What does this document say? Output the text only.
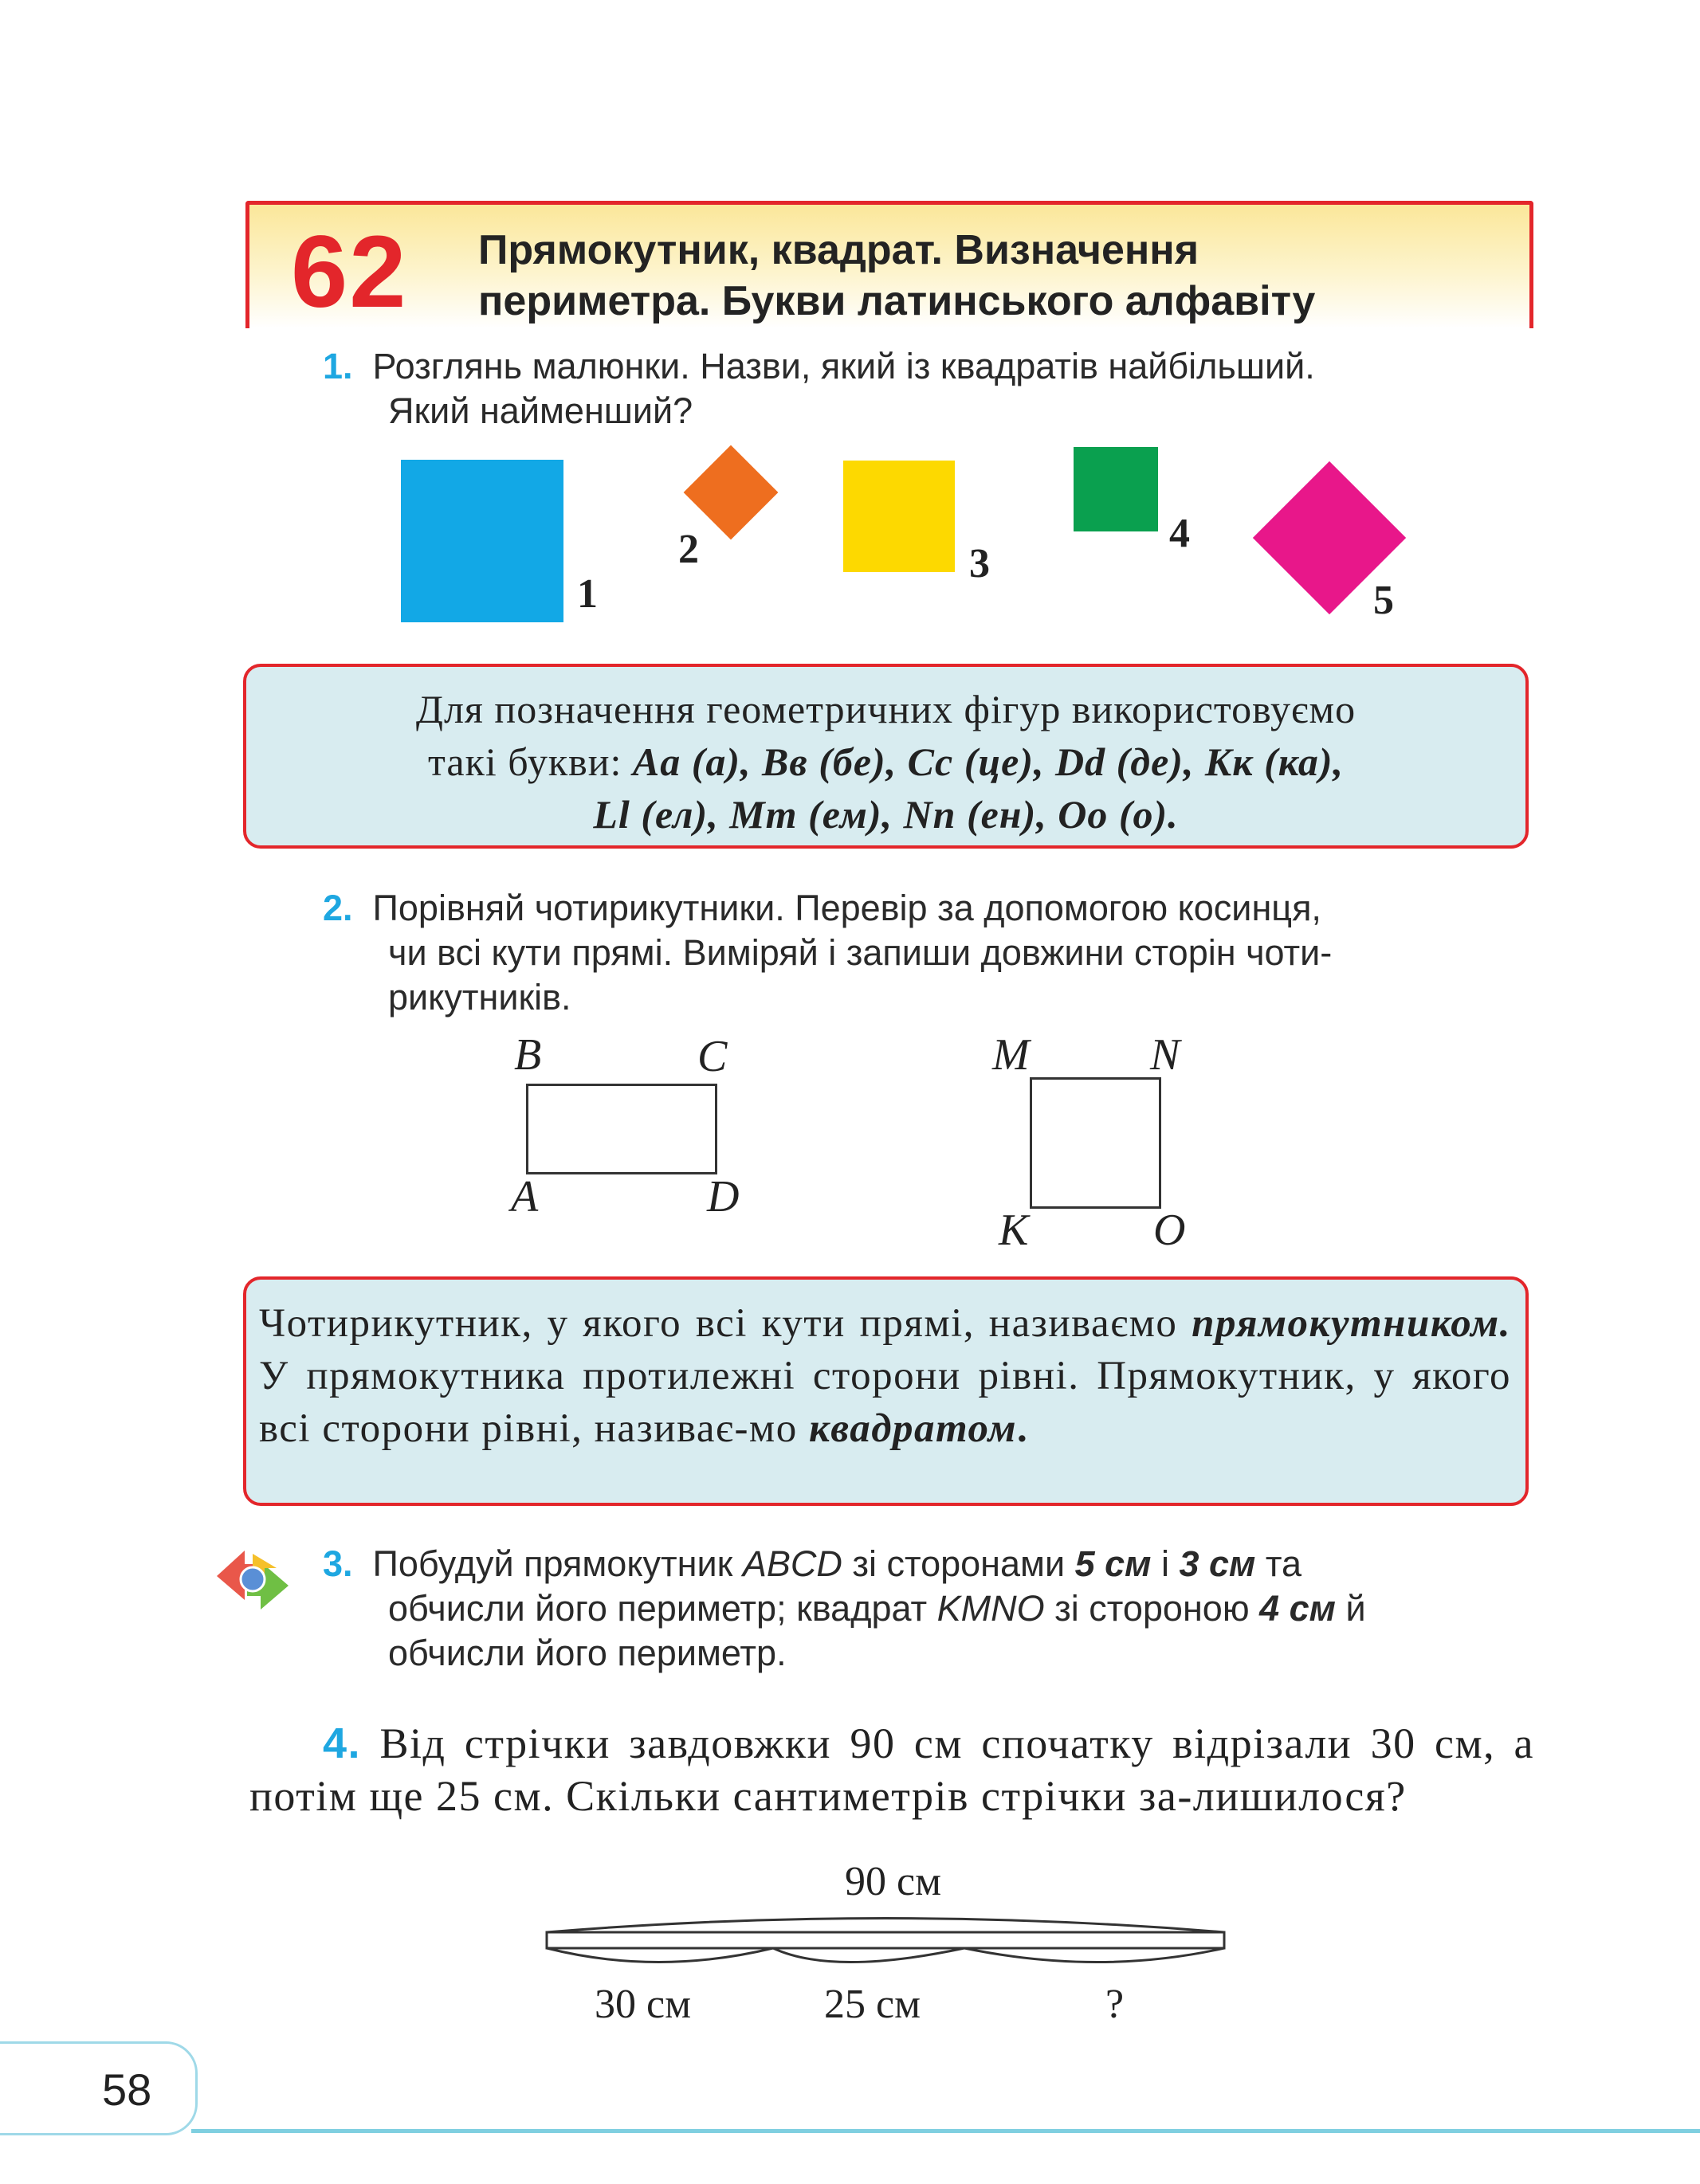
62 Прямокутник, квадрат. Визначення
периметра. Букви латинського алфавіту
1. Розглянь малюнки. Назви, який із квадратів найбільший.
Який найменший?
1
2	3
4
5
Для позначення геометричних фігур використовуємо
такі букви: Aa (a), Bв (бе), Cc (це), Dd (де), Kк (ка),
Ll (ел), Mm (ем), Nn (ен), Oo (o).
2. Порівняй чотирикутники. Перевір за допомогою косинця,
чи всі кути прямі. Виміряй і запиши довжини сторін чоти-
рикутників.
B	C
A	D
M	N
K	O
Чотирикутник, у якого всі кути прямі, називаємо прямокутником. У прямокутника протилежні сторони рівні. Прямокутник, у якого всі сторони рівні, називає-мо квадратом.
3. Побудуй прямокутник ABCD зі сторонами 5 см і 3 см та
обчисли його периметр; квадрат KMNO зі стороною 4 см й
обчисли його периметр.
4. Від стрічки завдовжки 90 см спочатку відрізали 30 см, а потім ще 25 см. Скільки сантиметрів стрічки за-лишилося?
90 см
30 см	25 см	?
58
